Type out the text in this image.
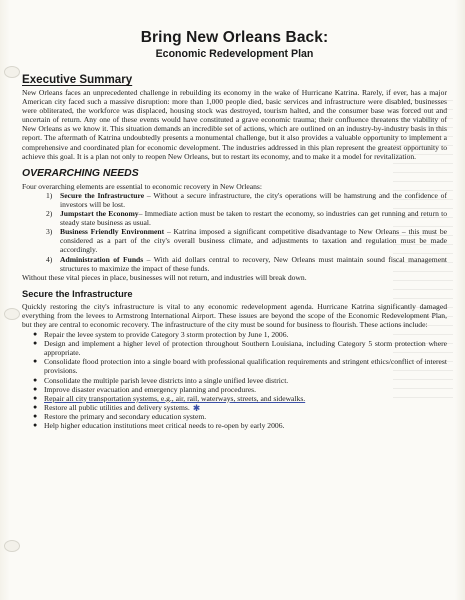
Bring New Orleans Back:
Economic Redevelopment Plan
Executive Summary

New Orleans faces an unprecedented challenge in rebuilding its economy in the wake of Hurricane Katrina. Rarely, if ever, has a major American city faced such a massive disruption: more than 1,000 people died, basic services and infrastructure were disabled, businesses were obliterated, the workforce was displaced, housing stock was destroyed, tourism halted, and the consumer base was forced out and uncertain of return. Any one of these events would have constituted a grave economic trauma; their confluence threatens the viability of New Orleans as we know it. This situation demands an incredible set of actions, which are outlined on an industry-by-industry basis in this report. The aftermath of Katrina undoubtedly presents a monumental challenge, but it also provides a valuable opportunity to implement a comprehensive and coordinated plan for economic development. The industries addressed in this plan represent the greatest opportunity to achieve this goal. It is a plan not only to reopen New Orleans, but to restart its economy, and to make it a model for revitalization.

OVERARCHING NEEDS

Four overarching elements are essential to economic recovery in New Orleans:

1) Secure the Infrastructure – Without a secure infrastructure, the city's operations will be hamstrung and the confidence of investors will be lost.
2) Jumpstart the Economy– Immediate action must be taken to restart the economy, so industries can get running and return to steady state business as usual.
3) Business Friendly Environment – Katrina imposed a significant competitive disadvantage to New Orleans – this must be considered as a part of the city's overall business climate, and adjustments to taxation and regulation must be made accordingly.
4) Administration of Funds – With aid dollars central to recovery, New Orleans must maintain sound fiscal management structures to maximize the impact of these funds.

Without these vital pieces in place, businesses will not return, and industries will break down.

Secure the Infrastructure

Quickly restoring the city's infrastructure is vital to any economic redevelopment agenda. Hurricane Katrina significantly damaged everything from the levees to Armstrong International Airport. These issues are beyond the scope of the Economic Redevelopment Plan, but they are central to economic recovery. The infrastructure of the city must be sound for business to flourish. These actions include:

● Repair the levee system to provide Category 3 storm protection by June 1, 2006.
● Design and implement a higher level of protection throughout Southern Louisiana, including Category 5 storm protection where appropriate.
● Consolidate flood protection into a single board with professional qualification requirements and stringent ethics/conflict of interest provisions.
● Consolidate the multiple parish levee districts into a single unified levee district.
● Improve disaster evacuation and emergency planning and procedures.
● Repair all city transportation systems, e.g., air, rail, waterways, streets, and sidewalks.
● Restore all public utilities and delivery systems. ✱
● Restore the primary and secondary education system.
● Help higher education institutions meet critical needs to re-open by early 2006.
